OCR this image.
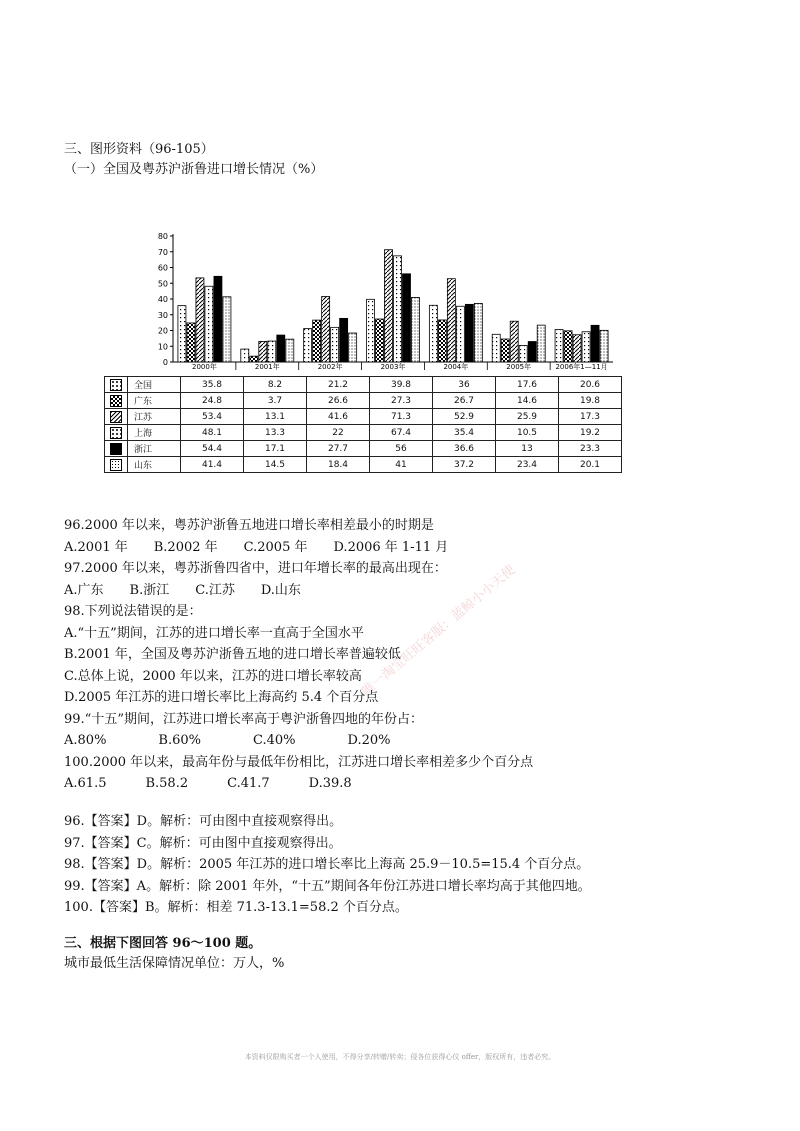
三、图形资料（96-105）
（一）全国及粤苏沪浙鲁进口增长情况（%）
0
10
20
30
40
50
60
70
80
2000年	2001年	2002年	2003年	2004年	2005年	2006年1—11月
	全国	35.8	8.2	21.2	39.8	36	17.6	20.6
	广东	24.8	3.7	26.6	27.3	26.7	14.6	19.8
	江苏	53.4	13.1	41.6	71.3	52.9	25.9	17.3
	上海	48.1	13.3	22	67.4	35.4	10.5	19.2
	浙江	54.4	17.1	27.7	56	36.6	13	23.3
	山东	41.4	14.5	18.4	41	37.2	23.4	20.1
96.2000 年以来，粤苏沪浙鲁五地进口增长率相差最小的时期是
A.2001 年　　B.2002 年　　C.2005 年　　D.2006 年 1-11 月
97.2000 年以来，粤苏浙鲁四省中，进口年增长率的最高出现在：
A.广东　　B.浙江　　C.江苏　　D.山东
98.下列说法错误的是：
A.“十五”期间，江苏的进口增长率一直高于全国水平
B.2001 年，全国及粤苏沪浙鲁五地的进口增长率普遍较低
C.总体上说，2000 年以来，江苏的进口增长率较高
D.2005 年江苏的进口增长率比上海高约 5.4 个百分点
99.“十五”期间，江苏进口增长率高于粤沪浙鲁四地的年份占：
A.80%　　　　B.60%　　　　C.40%　　　　D.20%
100.2000 年以来，最高年份与最低年份相比，江苏进口增长率相差多少个百分点
A.61.5　　　B.58.2　　　C.41.7　　　D.39.8
96.【答案】D。解析：可由图中直接观察得出。
97.【答案】C。解析：可由图中直接观察得出。
98.【答案】D。解析：2005 年江苏的进口增长率比上海高 25.9－10.5=15.4 个百分点。
99.【答案】A。解析：除 2001 年外，“十五”期间各年份江苏进口增长率均高于其他四地。
100.【答案】B。解析：相差 71.3-13.1=58.2 个百分点。
三、根据下图回答 96～100 题。
城市最低生活保障情况单位：万人，%
唯一淘宝旺旺客服：蓝鲸小小天使
本资料仅限购买者一个人使用，不得分享/转赠/转卖；侵各位获得心仪 offer，版权所有，违者必究。
